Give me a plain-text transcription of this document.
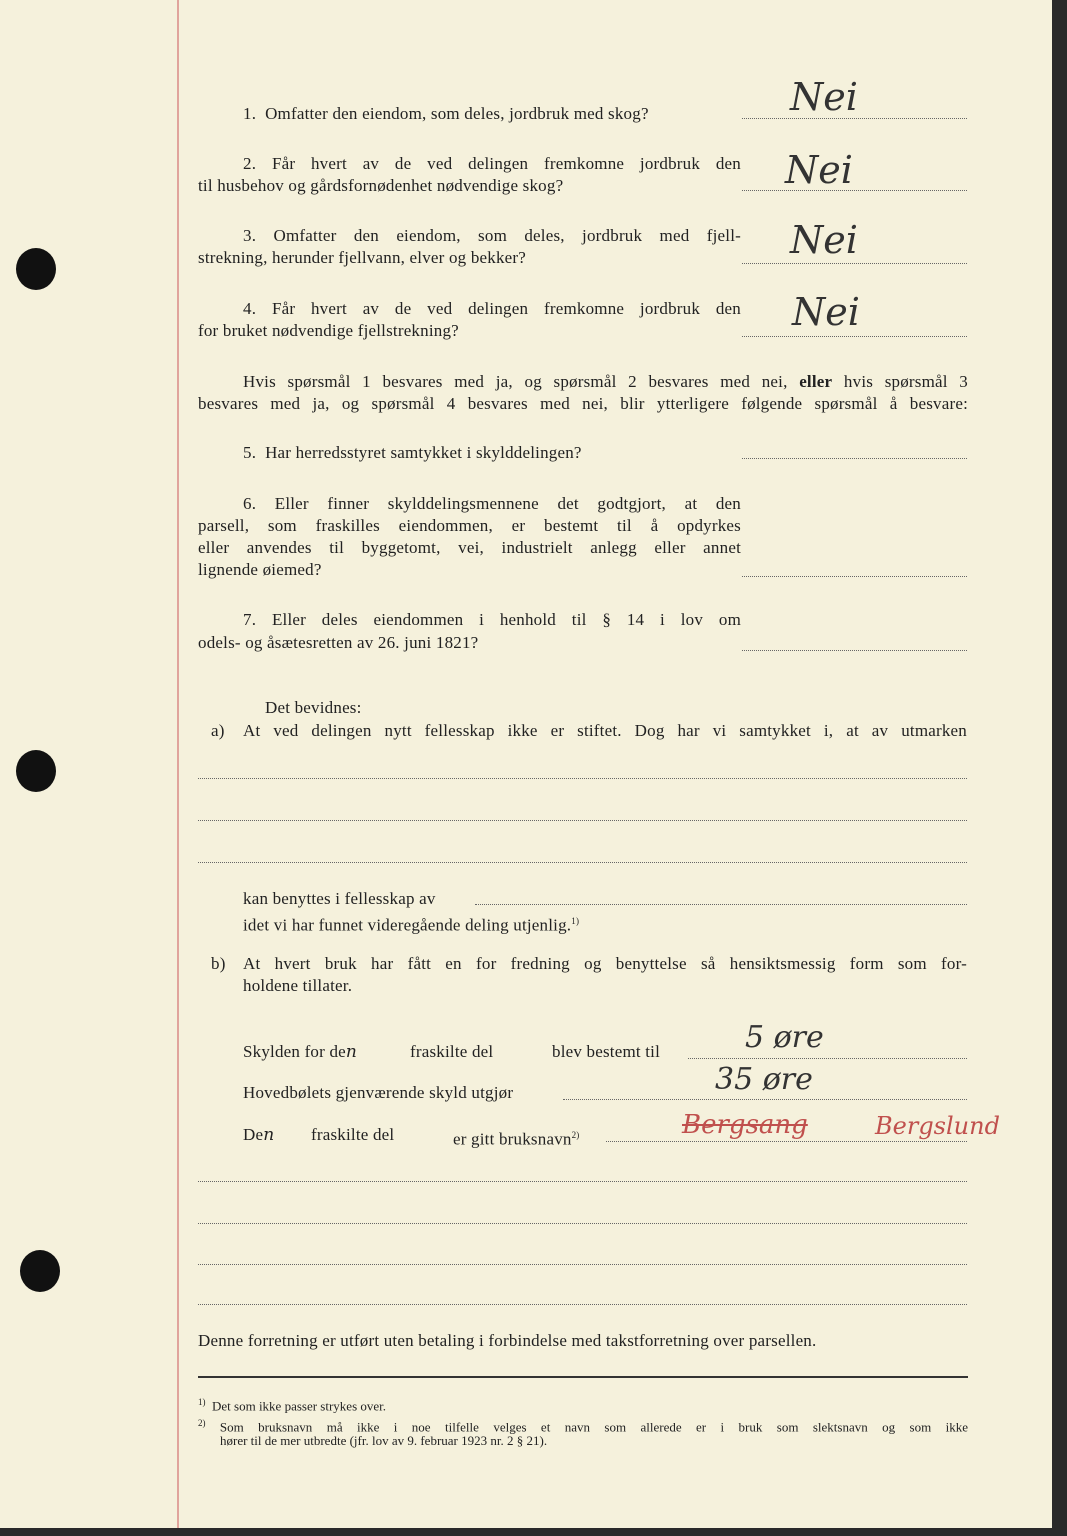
1. Omfatter den eiendom, som deles, jordbruk med skog?	Nei
2. Får hvert av de ved delingen fremkomne jordbruk den
til husbehov og gårdsfornødenhet nødvendige skog?	Nei
3. Omfatter den eiendom, som deles, jordbruk med fjell-
strekning, herunder fjellvann, elver og bekker?	Nei
4. Får hvert av de ved delingen fremkomne jordbruk den
for bruket nødvendige fjellstrekning?	Nei
Hvis spørsmål 1 besvares med ja, og spørsmål 2 besvares med nei, eller hvis spørsmål 3
besvares med ja, og spørsmål 4 besvares med nei, blir ytterligere følgende spørsmål å besvare:
5. Har herredsstyret samtykket i skylddelingen?
6. Eller finner skylddelingsmennene det godtgjort, at den
parsell, som fraskilles eiendommen, er bestemt til å opdyrkes
eller anvendes til byggetomt, vei, industrielt anlegg eller annet
lignende øiemed?
7. Eller deles eiendommen i henhold til § 14 i lov om
odels- og åsætesretten av 26. juni 1821?
Det bevidnes:
a) At ved delingen nytt fellesskap ikke er stiftet. Dog har vi samtykket i, at av utmarken
kan benyttes i fellesskap av
idet vi har funnet videregående deling utjenlig.$^{1)}$
b) At hvert bruk har fått en for fredning og benyttelse så hensiktsmessig form som for-
holdene tillater.
Skylden for den	fraskilte del	blev bestemt til	5 øre
Hovedbølets gjenværende skyld utgjør	35 øre
Den fraskilte del	er gitt bruksnavn$^{2)}$	Bergsang	Bergslund
Denne forretning er utført uten betaling i forbindelse med takstforretning over parsellen.
$^{1)}$ Det som ikke passer strykes over.
$^{2)}$ Som bruksnavn må ikke i noe tilfelle velges et navn som allerede er i bruk som slektsnavn og som ikke
hører til de mer utbredte (jfr. lov av 9. februar 1923 nr. 2 § 21).
